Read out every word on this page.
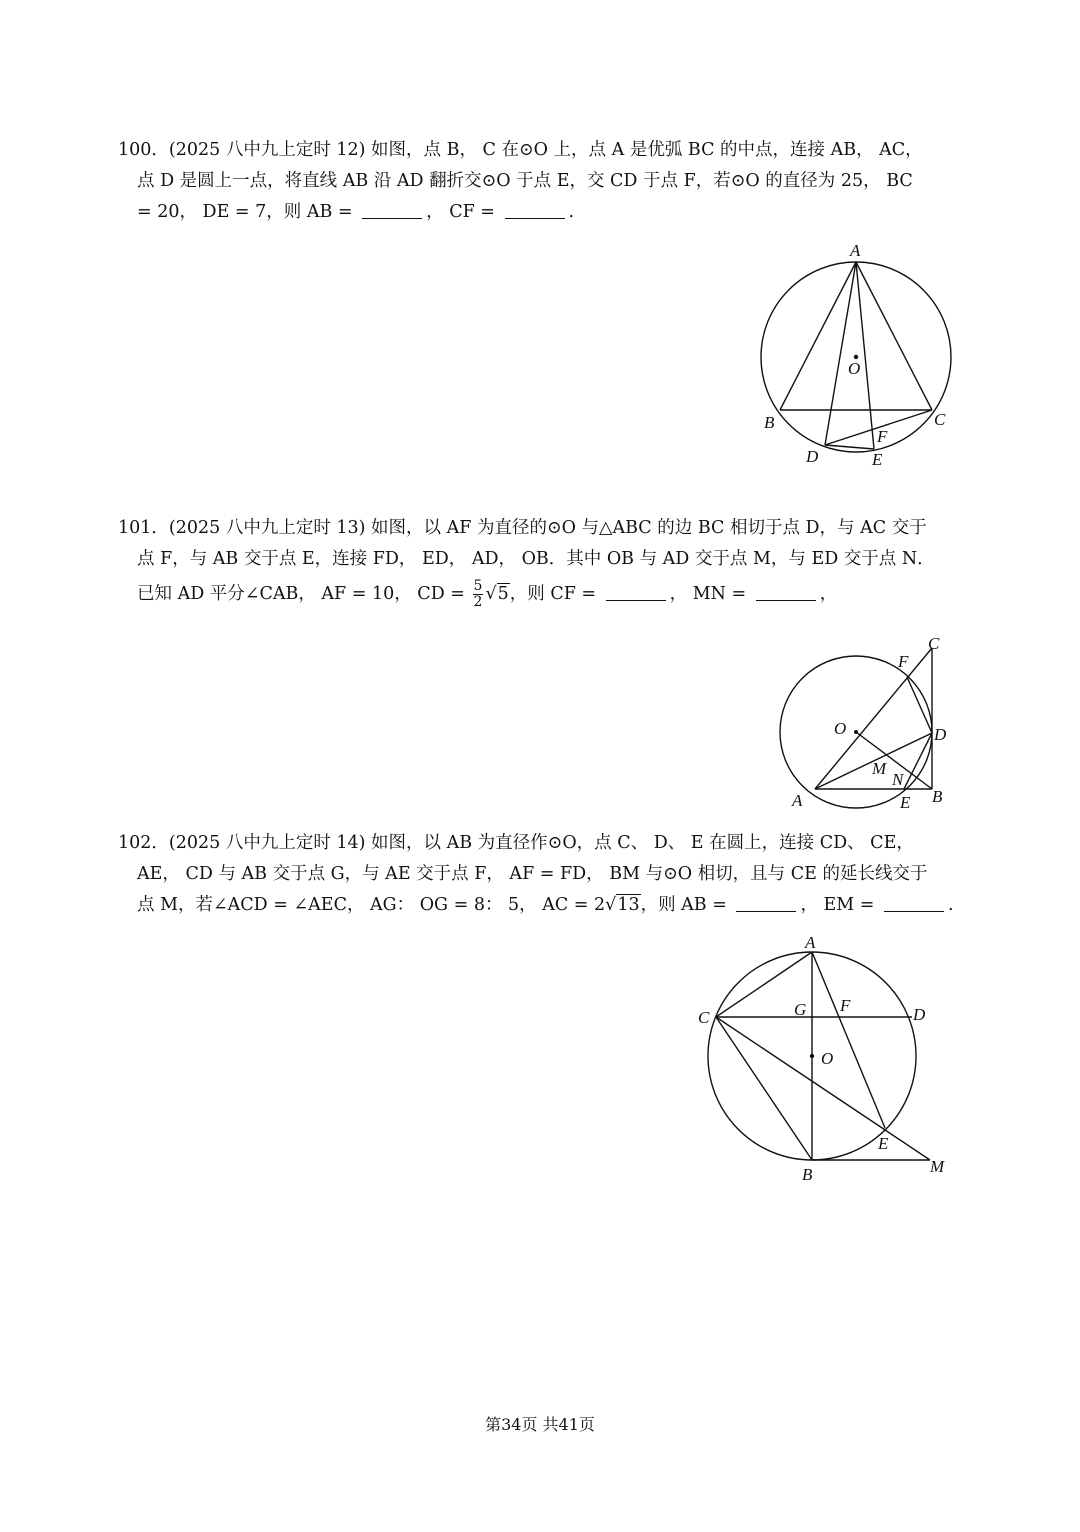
100．(2025 八中九上定时 12) 如图，点 B， C 在⊙O 上，点 A 是优弧 BC 的中点，连接 AB， AC，
点 D 是圆上一点，将直线 AB 沿 AD 翻折交⊙O 于点 E，交 CD 于点 F，若⊙O 的直径为 25， BC
= 20， DE = 7，则 AB =	， CF =	.
A
O
B	C
D	E
F
101．(2025 八中九上定时 13) 如图，以 AF 为直径的⊙O 与△ABC 的边 BC 相切于点 D，与 AC 交于
点 F，与 AB 交于点 E，连接 FD， ED， AD， OB．其中 OB 与 AD 交于点 M，与 ED 交于点 N．
已知 AD 平分∠CAB， AF = 10， CD = $\frac{5}{2} √5$，则 CF =	， MN =	，
C
F
O	D
M
N
A	E B
102．(2025 八中九上定时 14) 如图，以 AB 为直径作⊙O，点 C、 D、 E 在圆上，连接 CD、 CE，
AE， CD 与 AB 交于点 G，与 AE 交于点 F， AF = FD， BM 与⊙O 相切，且与 CE 的延长线交于
点 M，若∠ACD = ∠AEC， AG： OG = 8： 5， AC = 2√13，则 AB =	， EM =	.
A
G F	D
C
O
E
B	M
第34页 共41页
